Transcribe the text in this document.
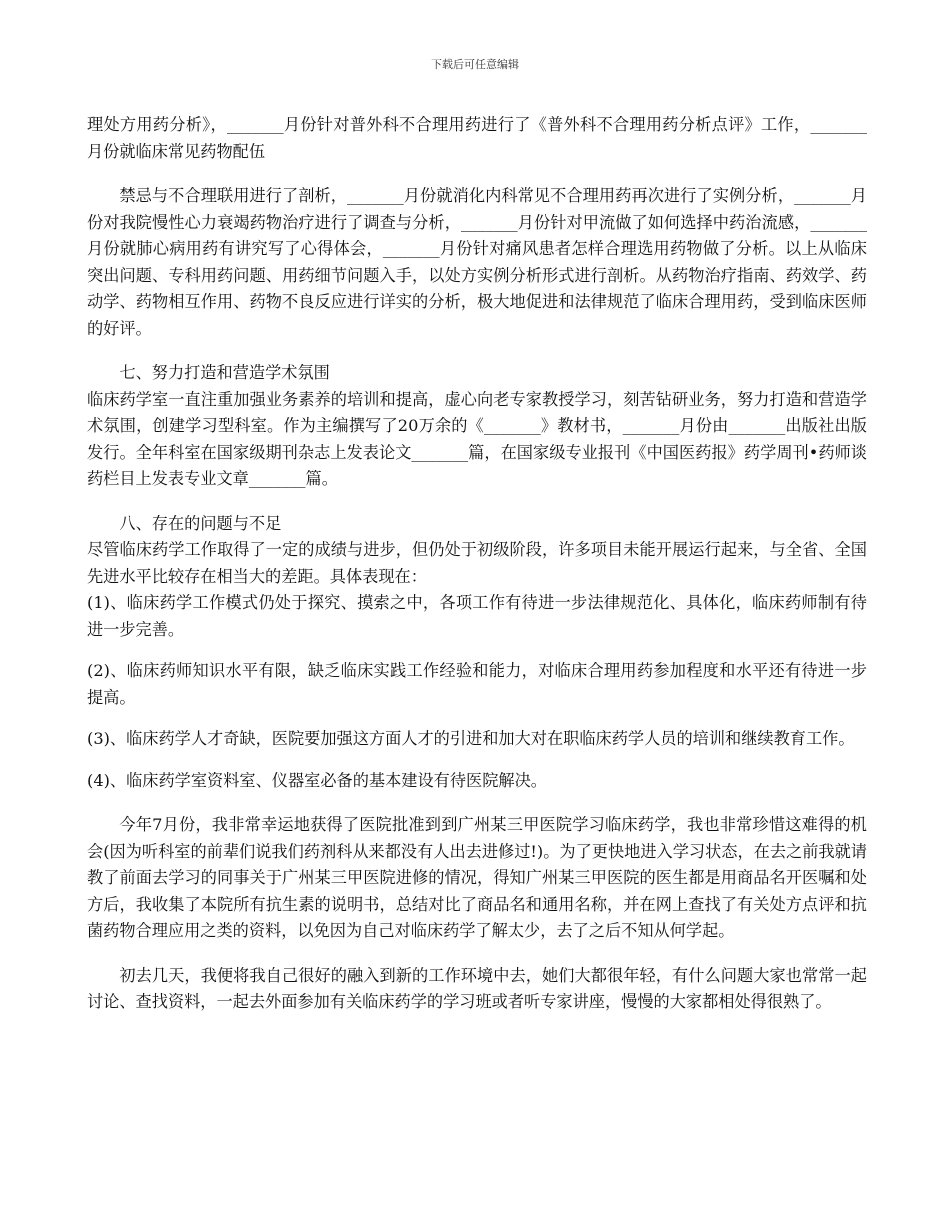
下载后可任意编辑

理处方用药分析》，_______月份针对普外科不合理用药进行了《普外科不合理用药分析点评》工作，_______月份就临床常见药物配伍

禁忌与不合理联用进行了剖析，_______月份就消化内科常见不合理用药再次进行了实例分析，_______月份对我院慢性心力衰竭药物治疗进行了调查与分析，_______月份针对甲流做了如何选择中药治流感，_______月份就肺心病用药有讲究写了心得体会，_______月份针对痛风患者怎样合理选用药物做了分析。以上从临床突出问题、专科用药问题、用药细节问题入手，以处方实例分析形式进行剖析。从药物治疗指南、药效学、药动学、药物相互作用、药物不良反应进行详实的分析，极大地促进和法律规范了临床合理用药，受到临床医师的好评。

七、努力打造和营造学术氛围

临床药学室一直注重加强业务素养的培训和提高，虚心向老专家教授学习，刻苦钻研业务，努力打造和营造学术氛围，创建学习型科室。作为主编撰写了20万余的《_______》教材书，_______月份由_______出版社出版发行。全年科室在国家级期刊杂志上发表论文_______篇，在国家级专业报刊《中国医药报》药学周刊•药师谈药栏目上发表专业文章_______篇。

八、存在的问题与不足

尽管临床药学工作取得了一定的成绩与进步，但仍处于初级阶段，许多项目未能开展运行起来，与全省、全国先进水平比较存在相当大的差距。具体表现在：

(1)、临床药学工作模式仍处于探究、摸索之中，各项工作有待进一步法律规范化、具体化，临床药师制有待进一步完善。

(2)、临床药师知识水平有限，缺乏临床实践工作经验和能力，对临床合理用药参加程度和水平还有待进一步提高。

(3)、临床药学人才奇缺，医院要加强这方面人才的引进和加大对在职临床药学人员的培训和继续教育工作。

(4)、临床药学室资料室、仪器室必备的基本建设有待医院解决。

今年7月份，我非常幸运地获得了医院批准到到广州某三甲医院学习临床药学，我也非常珍惜这难得的机会(因为听科室的前辈们说我们药剂科从来都没有人出去进修过!)。为了更快地进入学习状态，在去之前我就请教了前面去学习的同事关于广州某三甲医院进修的情况，得知广州某三甲医院的医生都是用商品名开医嘱和处方后，我收集了本院所有抗生素的说明书，总结对比了商品名和通用名称，并在网上查找了有关处方点评和抗菌药物合理应用之类的资料，以免因为自己对临床药学了解太少，去了之后不知从何学起。

初去几天，我便将我自己很好的融入到新的工作环境中去，她们大都很年轻，有什么问题大家也常常一起讨论、查找资料，一起去外面参加有关临床药学的学习班或者听专家讲座，慢慢的大家都相处得很熟了。
